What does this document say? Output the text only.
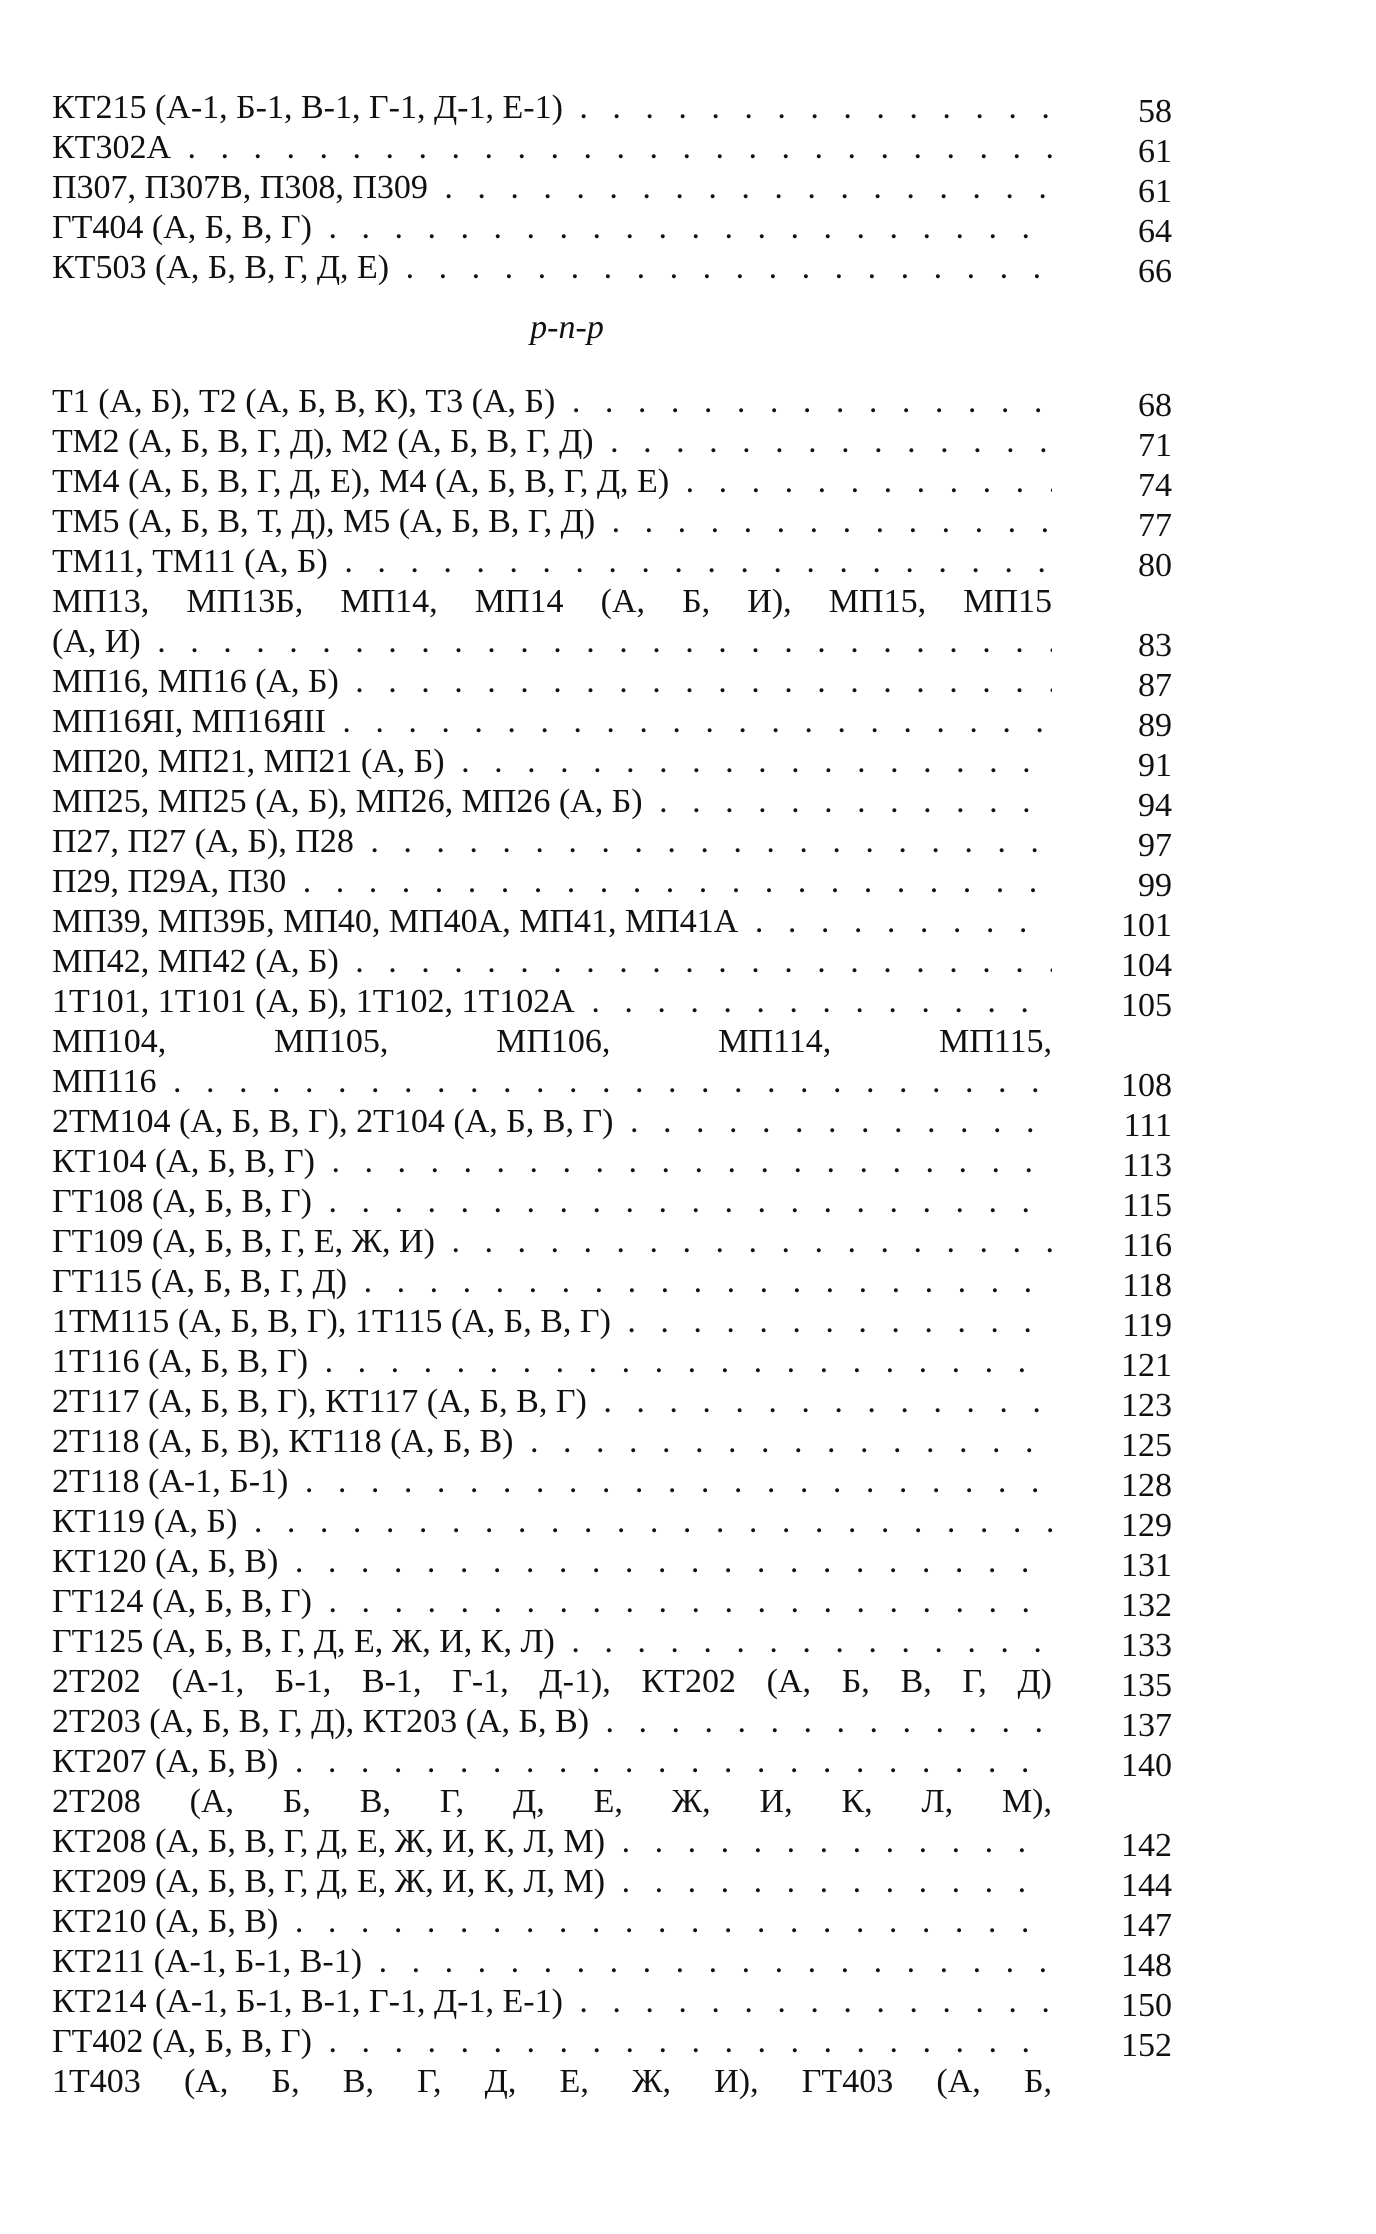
КТ215 (А-1, Б-1, В-1, Г-1, Д-1, Е-1) . . .	58
КТ302А . . .	61
П307, П307В, П308, П309 . . .	61
ГТ404 (А, Б, В, Г) . . .	64
КТ503 (А, Б, В, Г, Д, Е) . . .	66
р-п-р
Т1 (А, Б), Т2 (А, Б, В, К), Т3 (А, Б) . . .	68
ТМ2 (А, Б, В, Г, Д), М2 (А, Б, В, Г, Д) . . .	71
ТМ4 (А, Б, В, Г, Д, Е), М4 (А, Б, В, Г, Д, Е) . . .	74
ТМ5 (А, Б, В, Т, Д), М5 (А, Б, В, Г, Д) . . .	77
ТМ11, ТМ11 (А, Б) . . .	80
МП13, МП13Б, МП14, МП14 (А, Б, И), МП15, МП15
(А, И) . . .	83
МП16, МП16 (А, Б) . . .	87
МП16ЯI, МП16ЯII . . .	89
МП20, МП21, МП21 (А, Б) . . .	91
МП25, МП25 (А, Б), МП26, МП26 (А, Б) . . .	94
П27, П27 (А, Б), П28 . . .	97
П29, П29А, П30 . . .	99
МП39, МП39Б, МП40, МП40А, МП41, МП41А . . .	101
МП42, МП42 (А, Б) . . .	104
1Т101, 1Т101 (А, Б), 1Т102, 1Т102А . . .	105
МП104, МП105, МП106, МП114, МП115,
МП116 . . .	108
2ТМ104 (А, Б, В, Г), 2Т104 (А, Б, В, Г) . . .	111
КТ104 (А, Б, В, Г) . . .	113
ГТ108 (А, Б, В, Г) . . .	115
ГТ109 (А, Б, В, Г, Е, Ж, И) . . .	116
ГТ115 (А, Б, В, Г, Д) . . .	118
1ТМ115 (А, Б, В, Г), 1Т115 (А, Б, В, Г) . . .	119
1Т116 (А, Б, В, Г) . . .	121
2Т117 (А, Б, В, Г), КТ117 (А, Б, В, Г) . . .	123
2Т118 (А, Б, В), КТ118 (А, Б, В) . . .	125
2Т118 (А-1, Б-1) . . .	128
КТ119 (А, Б) . . .	129
КТ120 (А, Б, В) . . .	131
ГТ124 (А, Б, В, Г) . . .	132
ГТ125 (А, Б, В, Г, Д, Е, Ж, И, К, Л) . . .	133
2Т202 (А-1, Б-1, В-1, Г-1, Д-1), КТ202 (А, Б, В, Г, Д)	135
2Т203 (А, Б, В, Г, Д), КТ203 (А, Б, В) . . .	137
КТ207 (А, Б, В) . . .	140
2Т208 (А, Б, В, Г, Д, Е, Ж, И, К, Л, М),
КТ208 (А, Б, В, Г, Д, Е, Ж, И, К, Л, М) . . .	142
КТ209 (А, Б, В, Г, Д, Е, Ж, И, К, Л, М) . . .	144
КТ210 (А, Б, В) . . .	147
КТ211 (А-1, Б-1, В-1) . . .	148
КТ214 (А-1, Б-1, В-1, Г-1, Д-1, Е-1) . . .	150
ГТ402 (А, Б, В, Г) . . .	152
1Т403 (А, Б, В, Г, Д, Е, Ж, И), ГТ403 (А, Б,
